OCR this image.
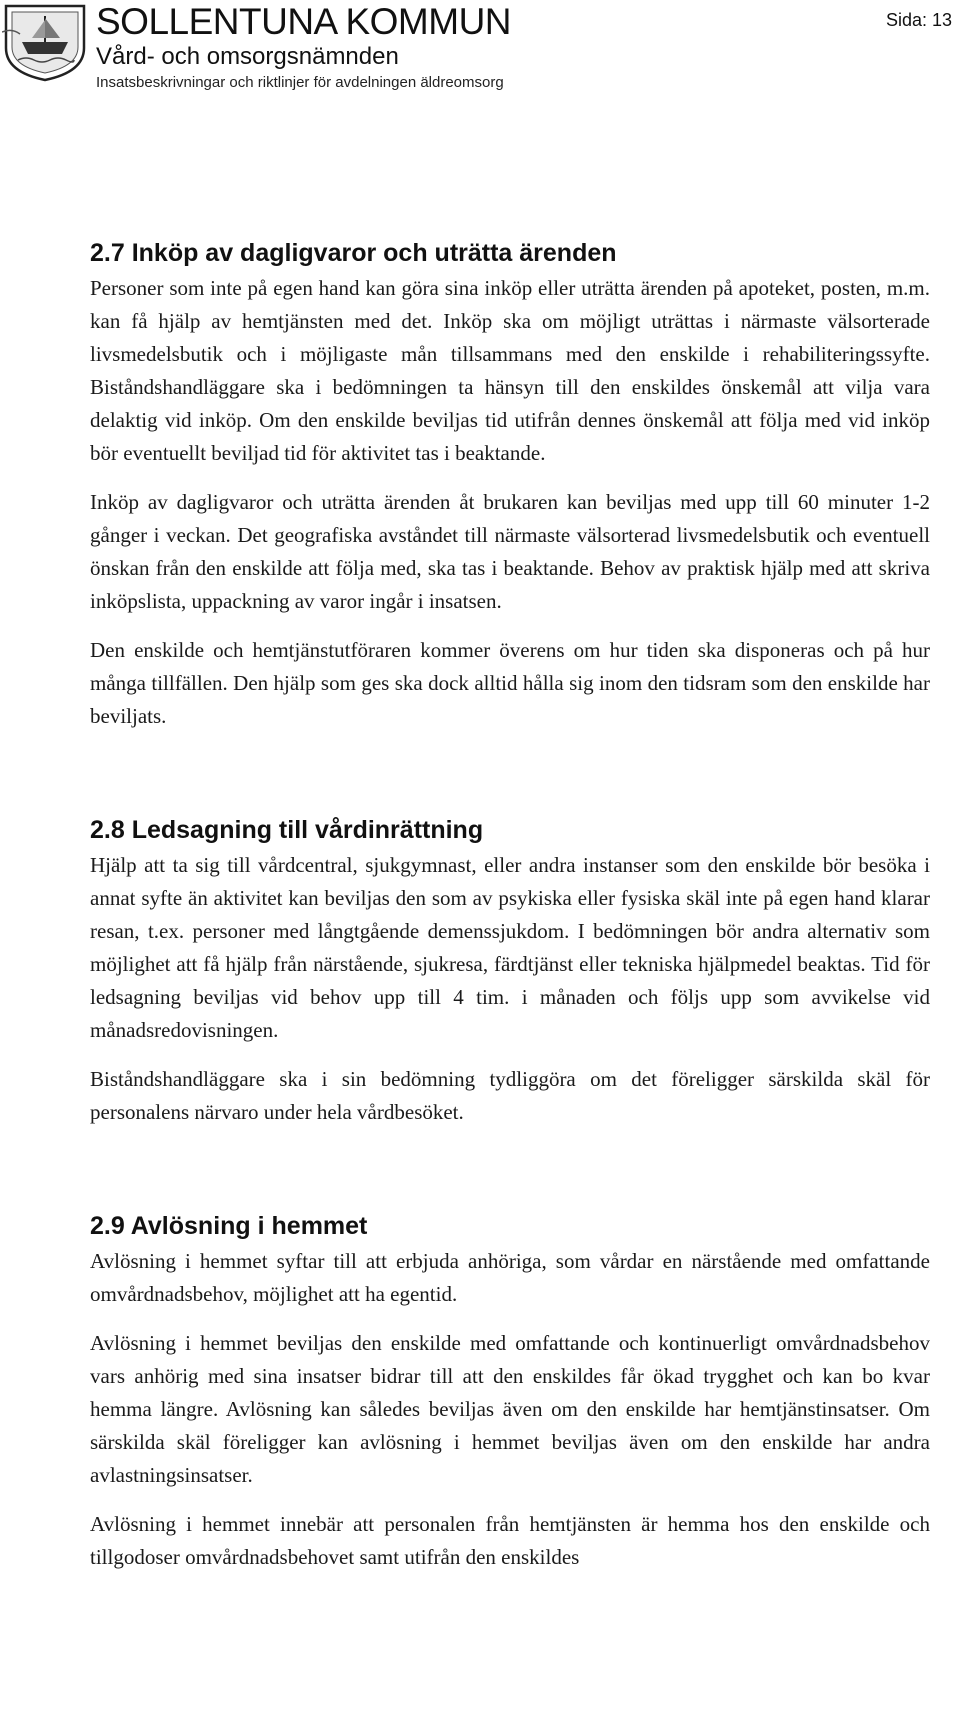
SOLLENTUNA KOMMUN
Vård- och omsorgsnämnden
Insatsbeskrivningar och riktlinjer för avdelningen äldreomsorg
Sida: 13
2.7 Inköp av dagligvaror och uträtta ärenden

Personer som inte på egen hand kan göra sina inköp eller uträtta ärenden på apoteket, posten, m.m. kan få hjälp av hemtjänsten med det. Inköp ska om möjligt uträttas i närmaste välsorterade livsmedelsbutik och i möjligaste mån tillsammans med den enskilde i rehabiliteringssyfte. Biståndshandläggare ska i bedömningen ta hänsyn till den enskildes önskemål att vilja vara delaktig vid inköp. Om den enskilde beviljas tid utifrån dennes önskemål att följa med vid inköp bör eventuellt beviljad tid för aktivitet tas i beaktande.

Inköp av dagligvaror och uträtta ärenden åt brukaren kan beviljas med upp till 60 minuter 1-2 gånger i veckan. Det geografiska avståndet till närmaste välsorterad livsmedelsbutik och eventuell önskan från den enskilde att följa med, ska tas i beaktande. Behov av praktisk hjälp med att skriva inköpslista, uppackning av varor ingår i insatsen.

Den enskilde och hemtjänstutföraren kommer överens om hur tiden ska disponeras och på hur många tillfällen. Den hjälp som ges ska dock alltid hålla sig inom den tidsram som den enskilde har beviljats.

2.8 Ledsagning till vårdinrättning

Hjälp att ta sig till vårdcentral, sjukgymnast, eller andra instanser som den enskilde bör besöka i annat syfte än aktivitet kan beviljas den som av psykiska eller fysiska skäl inte på egen hand klarar resan, t.ex. personer med långtgående demenssjukdom. I bedömningen bör andra alternativ som möjlighet att få hjälp från närstående, sjukresa, färdtjänst eller tekniska hjälpmedel beaktas. Tid för ledsagning beviljas vid behov upp till 4 tim. i månaden och följs upp som avvikelse vid månadsredovisningen.

Biståndshandläggare ska i sin bedömning tydliggöra om det föreligger särskilda skäl för personalens närvaro under hela vårdbesöket.

2.9 Avlösning i hemmet

Avlösning i hemmet syftar till att erbjuda anhöriga, som vårdar en närstående med omfattande omvårdnadsbehov, möjlighet att ha egentid.

Avlösning i hemmet beviljas den enskilde med omfattande och kontinuerligt omvårdnadsbehov vars anhörig med sina insatser bidrar till att den enskildes får ökad trygghet och kan bo kvar hemma längre. Avlösning kan således beviljas även om den enskilde har hemtjänstinsatser. Om särskilda skäl föreligger kan avlösning i hemmet beviljas även om den enskilde har andra avlastningsinsatser.

Avlösning i hemmet innebär att personalen från hemtjänsten är hemma hos den enskilde och tillgodoser omvårdnadsbehovet samt utifrån den enskildes
